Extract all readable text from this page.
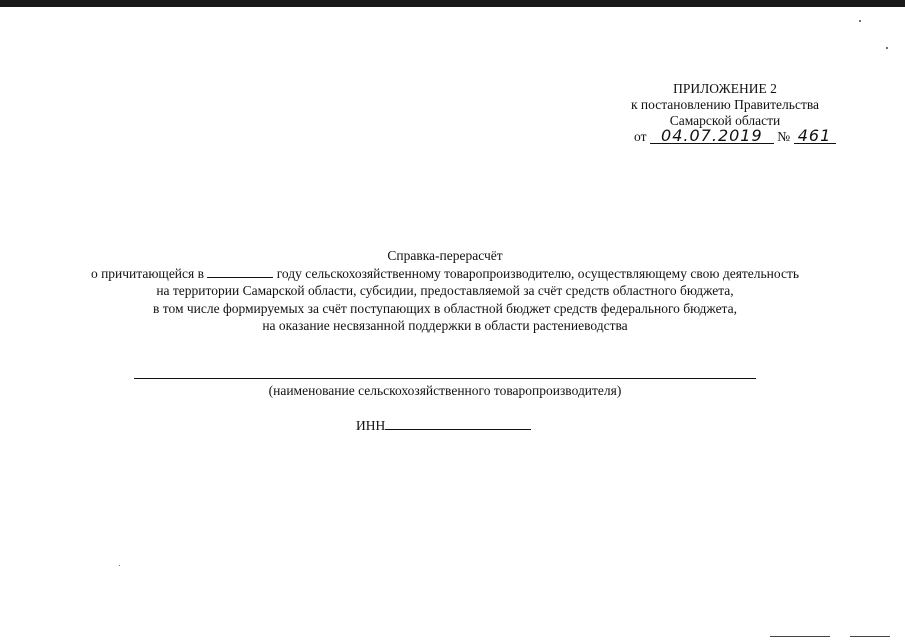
ПРИЛОЖЕНИЕ 2
к постановлению Правительства
Самарской области
от 04.07.2019 № 461
Справка-перерасчёт
о причитающейся в	году сельскохозяйственному товаропроизводителю, осуществляющему свою деятельность
на территории Самарской области, субсидии, предоставляемой за счёт средств областного бюджета,
в том числе формируемых за счёт поступающих в областной бюджет средств федерального бюджета,
на оказание несвязанной поддержки в области растениеводства
(наименование сельскохозяйственного товаропроизводителя)
ИНН
